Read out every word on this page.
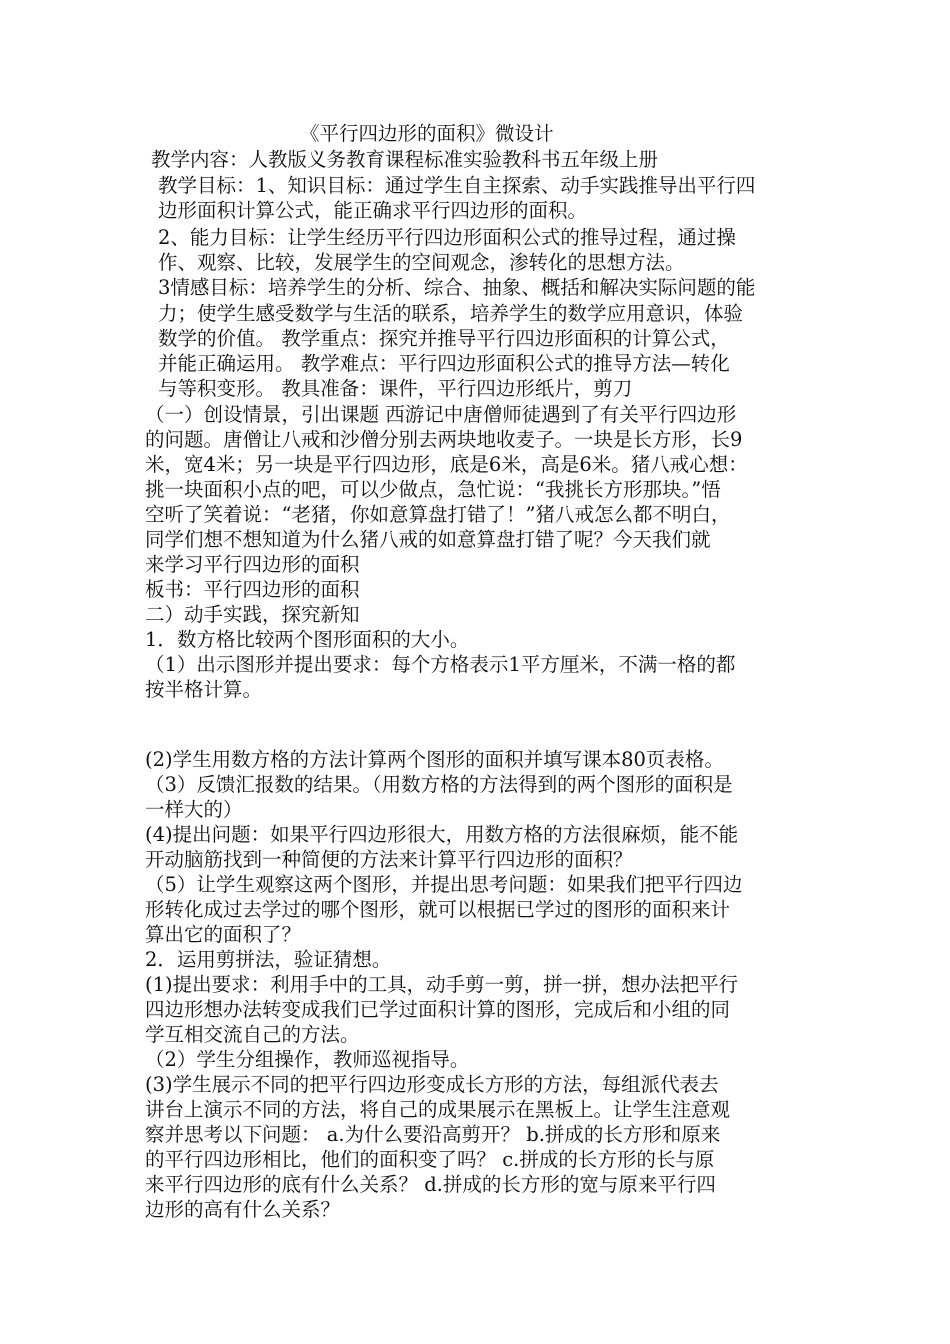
《平行四边形的面积》微设计
教学内容：人教版义务教育课程标准实验教科书五年级上册
教学目标：1、知识目标：通过学生自主探索、动手实践推导出平行四
边形面积计算公式，能正确求平行四边形的面积。
2、能力目标：让学生经历平行四边形面积公式的推导过程，通过操
作、观察、比较，发展学生的空间观念，渗转化的思想方法。
3情感目标：培养学生的分析、综合、抽象、概括和解决实际问题的能
力；使学生感受数学与生活的联系，培养学生的数学应用意识，体验
数学的价值。 教学重点：探究并推导平行四边形面积的计算公式，
并能正确运用。 教学难点：平行四边形面积公式的推导方法—转化
与等积变形。 教具准备：课件，平行四边形纸片，剪刀
（一）创设情景，引出课题 西游记中唐僧师徒遇到了有关平行四边形
的问题。唐僧让八戒和沙僧分别去两块地收麦子。一块是长方形，长9
米，宽4米；另一块是平行四边形，底是6米，高是6米。猪八戒心想：
挑一块面积小点的吧，可以少做点，急忙说：“我挑长方形那块。”悟
空听了笑着说：“老猪，你如意算盘打错了！”猪八戒怎么都不明白，
同学们想不想知道为什么猪八戒的如意算盘打错了呢？今天我们就
来学习平行四边形的面积
板书：平行四边形的面积
二）动手实践，探究新知
1．数方格比较两个图形面积的大小。
（1）出示图形并提出要求：每个方格表示1平方厘米，不满一格的都
按半格计算。
(2)学生用数方格的方法计算两个图形的面积并填写课本80页表格。
（3）反馈汇报数的结果。（用数方格的方法得到的两个图形的面积是
一样大的）
(4)提出问题：如果平行四边形很大，用数方格的方法很麻烦，能不能
开动脑筋找到一种简便的方法来计算平行四边形的面积？
（5）让学生观察这两个图形，并提出思考问题：如果我们把平行四边
形转化成过去学过的哪个图形，就可以根据已学过的图形的面积来计
算出它的面积了？
2．运用剪拼法，验证猜想。
(1)提出要求：利用手中的工具，动手剪一剪，拼一拼，想办法把平行
四边形想办法转变成我们已学过面积计算的图形，完成后和小组的同
学互相交流自己的方法。
（2）学生分组操作，教师巡视指导。
(3)学生展示不同的把平行四边形变成长方形的方法，每组派代表去
讲台上演示不同的方法，将自己的成果展示在黑板上。让学生注意观
察并思考以下问题： a.为什么要沿高剪开？ b.拼成的长方形和原来
的平行四边形相比，他们的面积变了吗？ c.拼成的长方形的长与原
来平行四边形的底有什么关系？ d.拼成的长方形的宽与原来平行四
边形的高有什么关系？
